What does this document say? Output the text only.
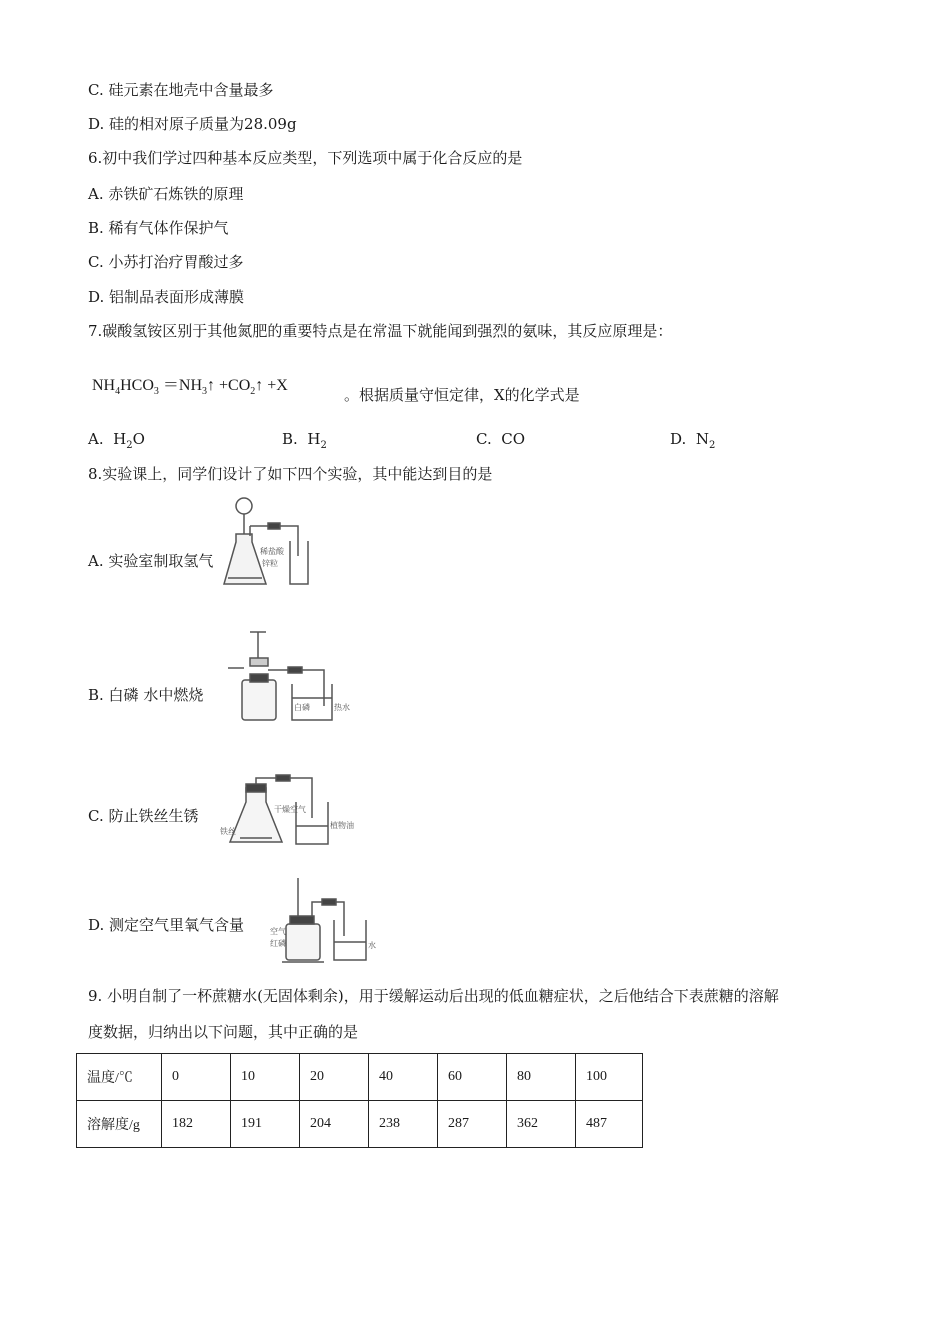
C. 硅元素在地壳中含量最多
D. 硅的相对原子质量为28.09g
6.初中我们学过四种基本反应类型，下列选项中属于化合反应的是
A. 赤铁矿石炼铁的原理
B. 稀有气体作保护气
C. 小苏打治疗胃酸过多
D. 铝制品表面形成薄膜
7.碳酸氢铵区别于其他氮肥的重要特点是在常温下就能闻到强烈的氨味，其反应原理是：
$NH_4HCO_3$ $=NH_3↑$ $+CO_2↑ +X$
。根据质量守恒定律，X的化学式是
A. $H_2O$	B. $H_2$	C. CO	D. $N_2$
8.实验课上，同学们设计了如下四个实验，其中能达到目的是
A. 实验室制取氢气
稀盐酸
锌粒
B. 白磷 水中燃烧
白磷	热水
C. 防止铁丝生锈
铁丝
干燥空气
植物油
D. 测定空气里氧气含量	空气
红磷	水
9. 小明自制了一杯蔗糖水(无固体剩余)，用于缓解运动后出现的低血糖症状，之后他结合下表蔗糖的溶解
度数据，归纳出以下问题，其中正确的是
温度/℃	0	10	20	40	60	80	100
溶解度/g	182	191	204	238	287	362	487
